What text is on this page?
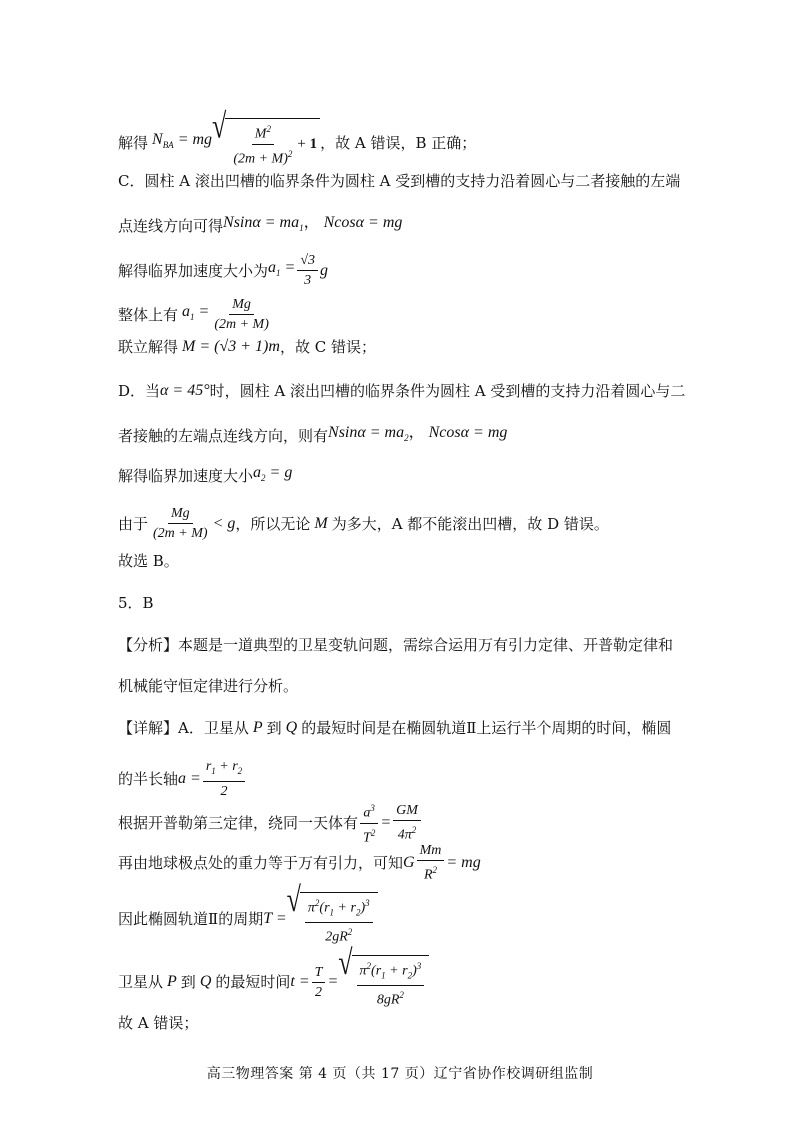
解得 $N_{BA}$ = mg √ $\frac{M^2}{(2m + M)^2} + 1$ ，故 A 错误，B 正确；
C．圆柱 A 滚出凹槽的临界条件为圆柱 A 受到槽的支持力沿着圆心与二者接触的左端
点连线方向可得 $Nsin\alpha = ma_1$， Ncosα = mg
解得临界加速度大小为 $a_1 = \frac{√3}{3}$ g
整体上有 $a_1 = \frac{Mg}{(2m + M)}$
联立解得 M = (√3 + 1)m ，故 C 错误；
D．当 α = 45° 时，圆柱 A 滚出凹槽的临界条件为圆柱 A 受到槽的支持力沿着圆心与二
者接触的左端点连线方向，则有 $Nsin\alpha = ma_2$， Ncosα = mg
解得临界加速度大小 $a_2 = g$
由于 $\frac{Mg}{(2m + M)} < g$ ，所以无论 M 为多大，A 都不能滚出凹槽，故 D 错误。
故选 B。
5．B
【分析】本题是一道典型的卫星变轨问题，需综合运用万有引力定律、开普勒定律和
机械能守恒定律进行分析。
【详解】A．卫星从 P 到 Q 的最短时间是在椭圆轨道Ⅱ上运行半个周期的时间，椭圆
的半长轴 $a = \frac{r_1 + r_2}{2}$
根据开普勒第三定律，绕同一天体有 $\frac{a^3}{T^2} = \frac{GM}{4\pi^2}$
再由地球极点处的重力等于万有引力，可知 G $\frac{Mm}{R^2}$ = mg
因此椭圆轨道Ⅱ的周期 T = √ $\frac{\pi^2(r_1 + r_2)^3}{2gR^2}$
卫星从 P 到 Q 的最短时间 $t = \frac{T}{2}$ = √ $\frac{\pi^2(r_1 + r_2)^3}{8gR^2}$
故 A 错误；
高三物理答案 第 4 页（共 17 页）辽宁省协作校调研组监制
